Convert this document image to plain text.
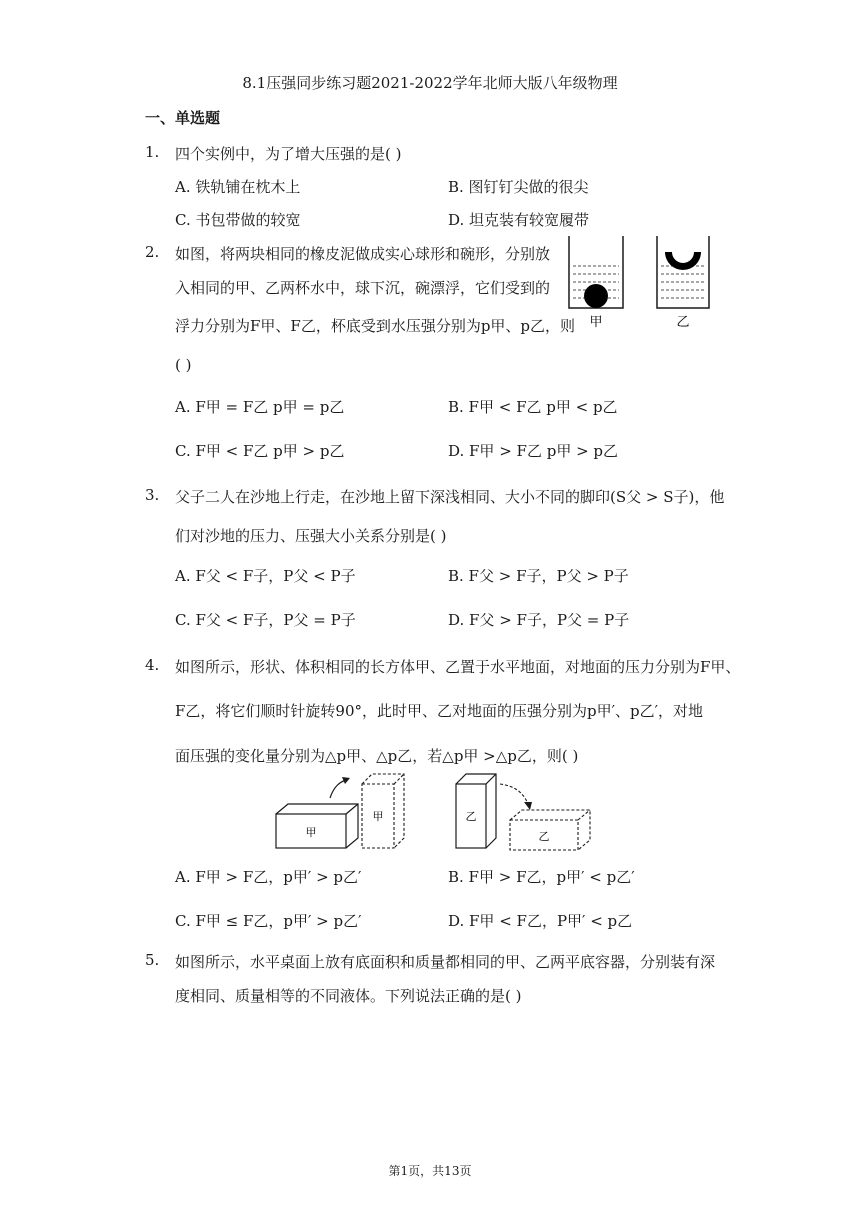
8.1压强同步练习题2021-2022学年北师大版八年级物理
一、单选题
1. 四个实例中，为了增大压强的是( )
A. 铁轨铺在枕木上	B. 图钉钉尖做的很尖
C. 书包带做的较宽	D. 坦克装有较宽履带
2. 如图，将两块相同的橡皮泥做成实心球形和碗形，分别放
入相同的甲、乙两杯水中，球下沉，碗漂浮，它们受到的
浮力分别为F甲、F乙，杯底受到水压强分别为p甲、p乙，则
( )
甲	乙
A. F甲 = F乙 p甲 = p乙	B. F甲 < F乙 p甲 < p乙
C. F甲 < F乙 p甲 > p乙	D. F甲 > F乙 p甲 > p乙
3. 父子二人在沙地上行走，在沙地上留下深浅相同、大小不同的脚印(S父 > S子)，他
们对沙地的压力、压强大小关系分别是( )
A. F父 < F子，P父 < P子	B. F父 > F子，P父 > P子
C. F父 < F子，P父 = P子	D. F父 > F子，P父 = P子
4. 如图所示，形状、体积相同的长方体甲、乙置于水平地面，对地面的压力分别为F甲、
F乙，将它们顺时针旋转90°，此时甲、乙对地面的压强分别为p甲′、p乙′，对地
面压强的变化量分别为△p甲、△p乙，若△p甲 >△p乙，则( )
甲
甲	乙
乙
A. F甲 > F乙，p甲′ > p乙′	B. F甲 > F乙，p甲′ < p乙′
C. F甲 ≤ F乙，p甲′ > p乙′	D. F甲 < F乙，P甲′ < p乙
5. 如图所示，水平桌面上放有底面积和质量都相同的甲、乙两平底容器，分别装有深
度相同、质量相等的不同液体。下列说法正确的是( )
第1页，共13页
